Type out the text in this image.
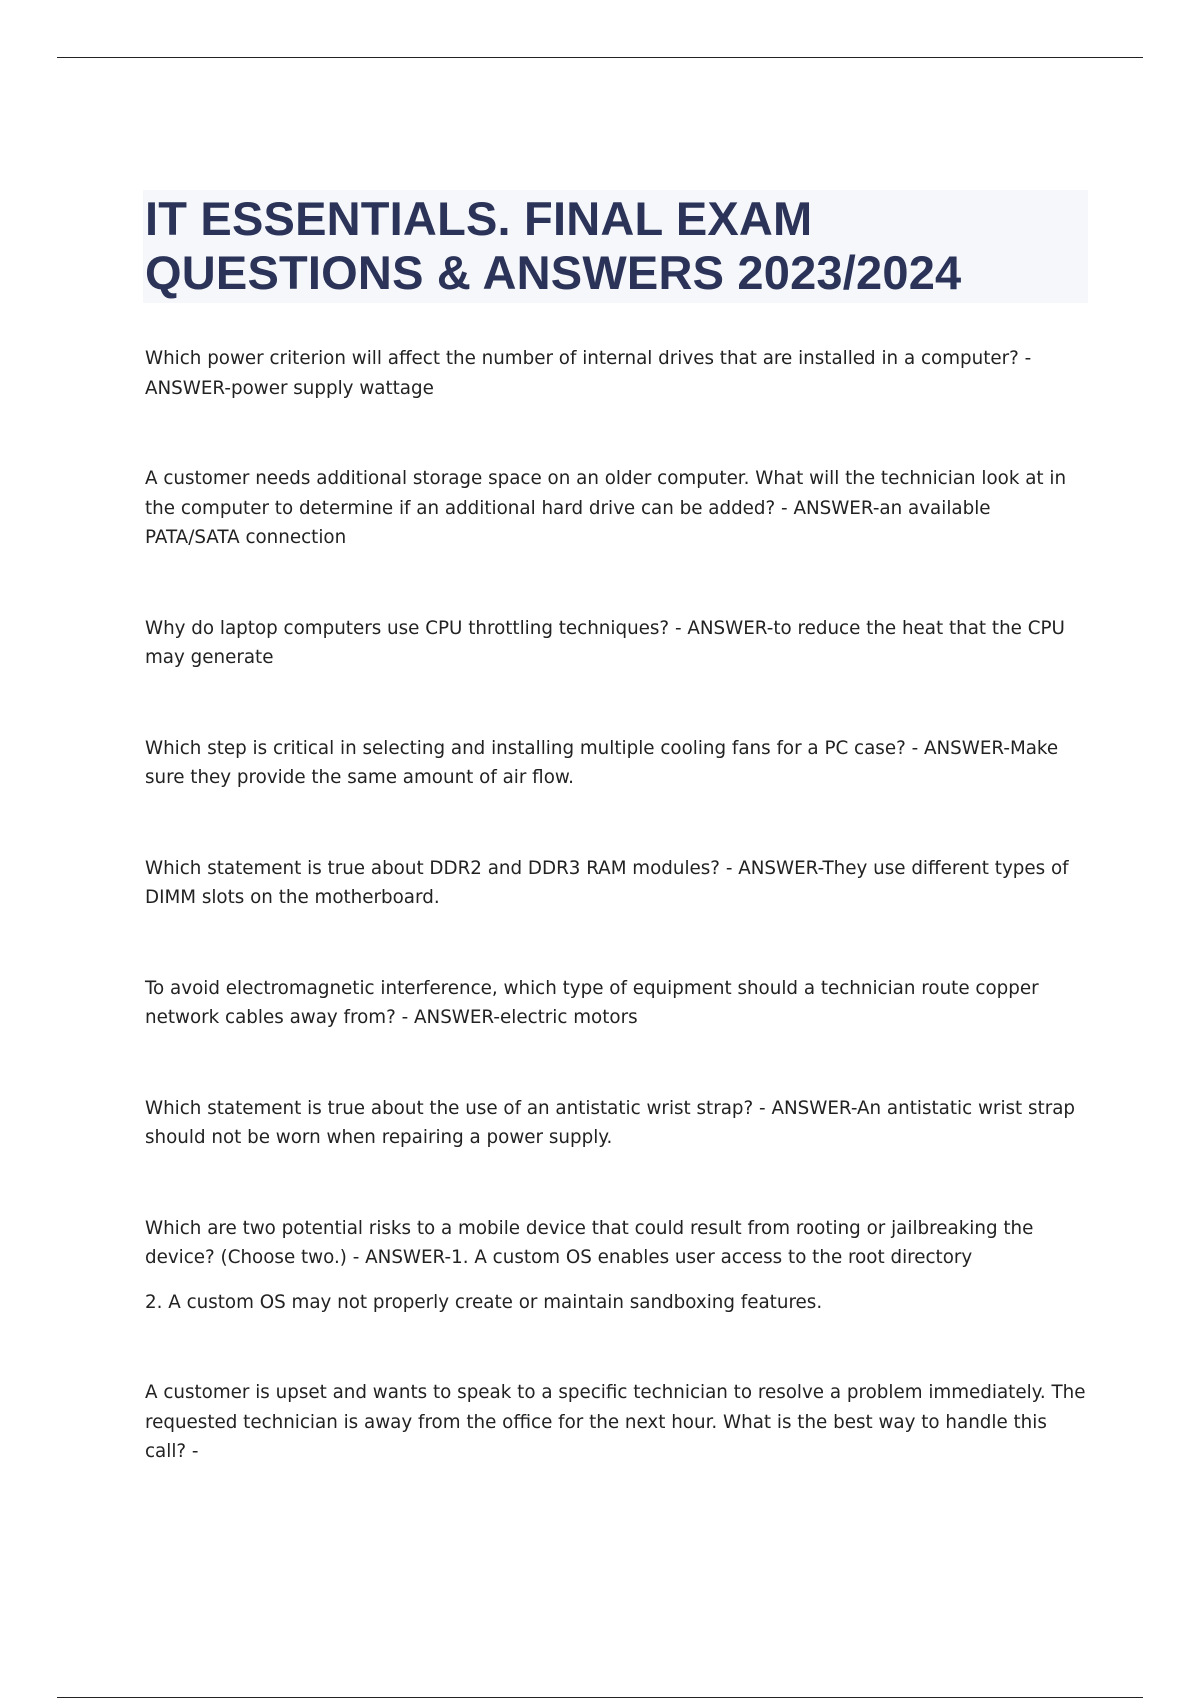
IT ESSENTIALS. FINAL EXAM
QUESTIONS & ANSWERS 2023/2024

Which power criterion will affect the number of internal drives that are installed in a computer? - ANSWER-power supply wattage

A customer needs additional storage space on an older computer. What will the technician look at in the computer to determine if an additional hard drive can be added? - ANSWER-an available PATA/SATA connection

Why do laptop computers use CPU throttling techniques? - ANSWER-to reduce the heat that the CPU may generate

Which step is critical in selecting and installing multiple cooling fans for a PC case? - ANSWER-Make sure they provide the same amount of air flow.

Which statement is true about DDR2 and DDR3 RAM modules? - ANSWER-They use different types of DIMM slots on the motherboard.

To avoid electromagnetic interference, which type of equipment should a technician route copper network cables away from? - ANSWER-electric motors

Which statement is true about the use of an antistatic wrist strap? - ANSWER-An antistatic wrist strap should not be worn when repairing a power supply.

Which are two potential risks to a mobile device that could result from rooting or jailbreaking the device? (Choose two.) - ANSWER-1. A custom OS enables user access to the root directory

2. A custom OS may not properly create or maintain sandboxing features.

A customer is upset and wants to speak to a specific technician to resolve a problem immediately. The requested technician is away from the office for the next hour. What is the best way to handle this call? -
